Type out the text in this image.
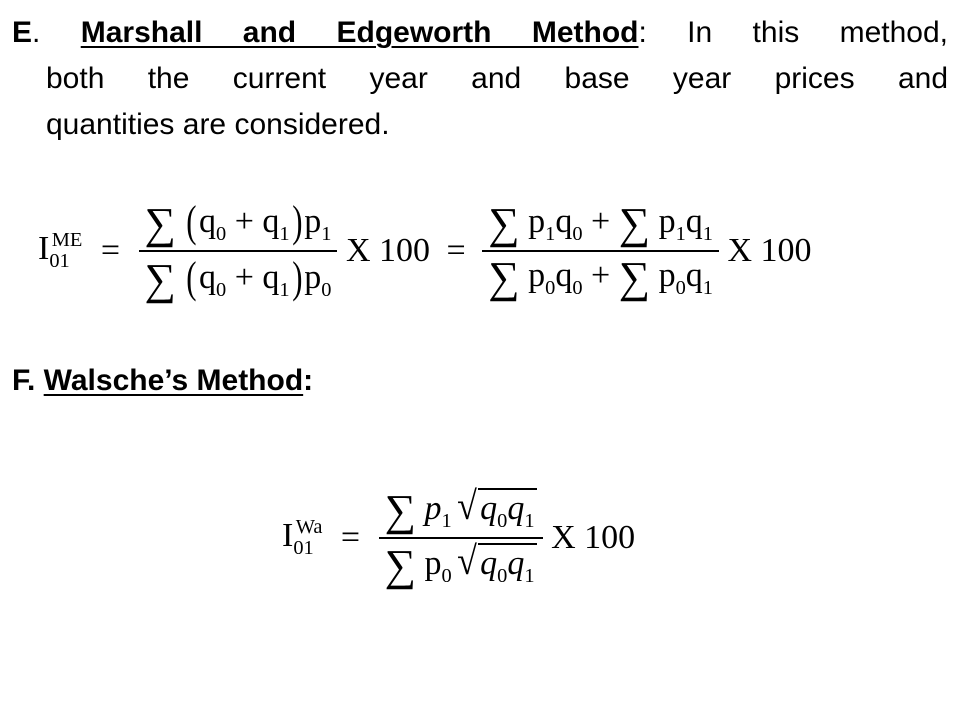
E. Marshall and Edgeworth Method: In this method,
both the current year and base year prices and
quantities are considered.
$I_{01}^{ME} = \frac{\sum (q_0 + q_1)p_1}{\sum (q_0 + q_1)p_0}$ X $100 = \frac{\sum p_1q_0 + \sum p_1q_1}{\sum p_0q_0 + \sum p_0q_1}$ X 100
F. Walsche’s Method:
$I_{01}^{Wa} = \frac{\sum p_1 √ q_0q_1}{\sum p_0 √ q_0q_1}$ X 100
